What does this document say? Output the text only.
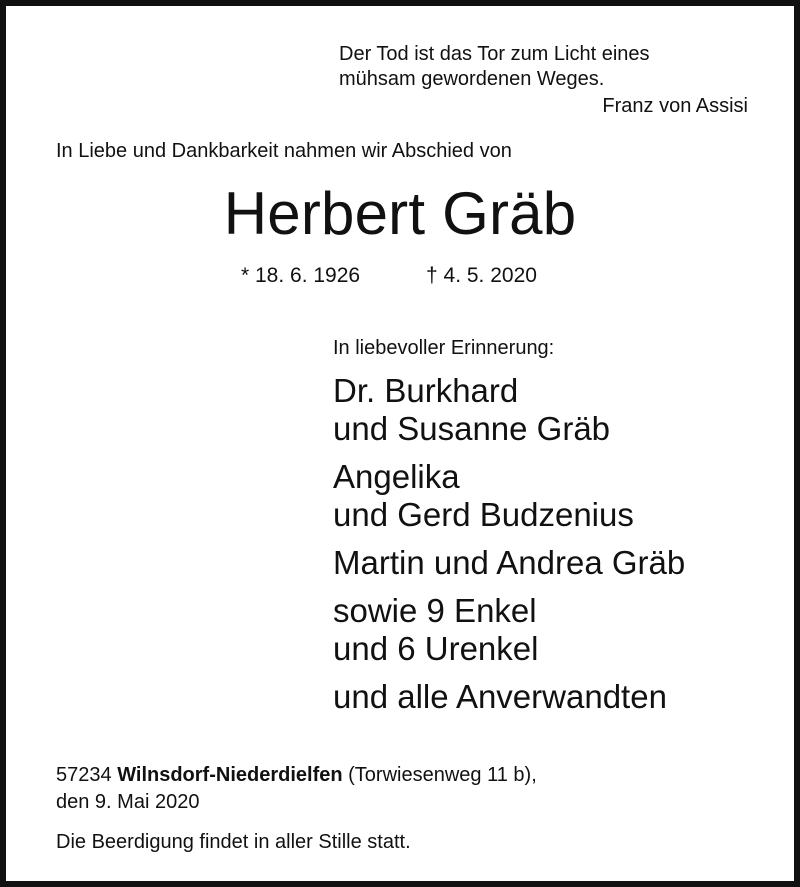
Der Tod ist das Tor zum Licht eines
mühsam gewordenen Weges.
Franz von Assisi
In Liebe und Dankbarkeit nahmen wir Abschied von
Herbert Gräb
* 18. 6. 1926	† 4. 5. 2020
In liebevoller Erinnerung:
Dr. Burkhard
und Susanne Gräb
Angelika
und Gerd Budzenius
Martin und Andrea Gräb
sowie 9 Enkel
und 6 Urenkel
und alle Anverwandten
57234 Wilnsdorf-Niederdielfen (Torwiesenweg 11 b),
den 9. Mai 2020
Die Beerdigung findet in aller Stille statt.
